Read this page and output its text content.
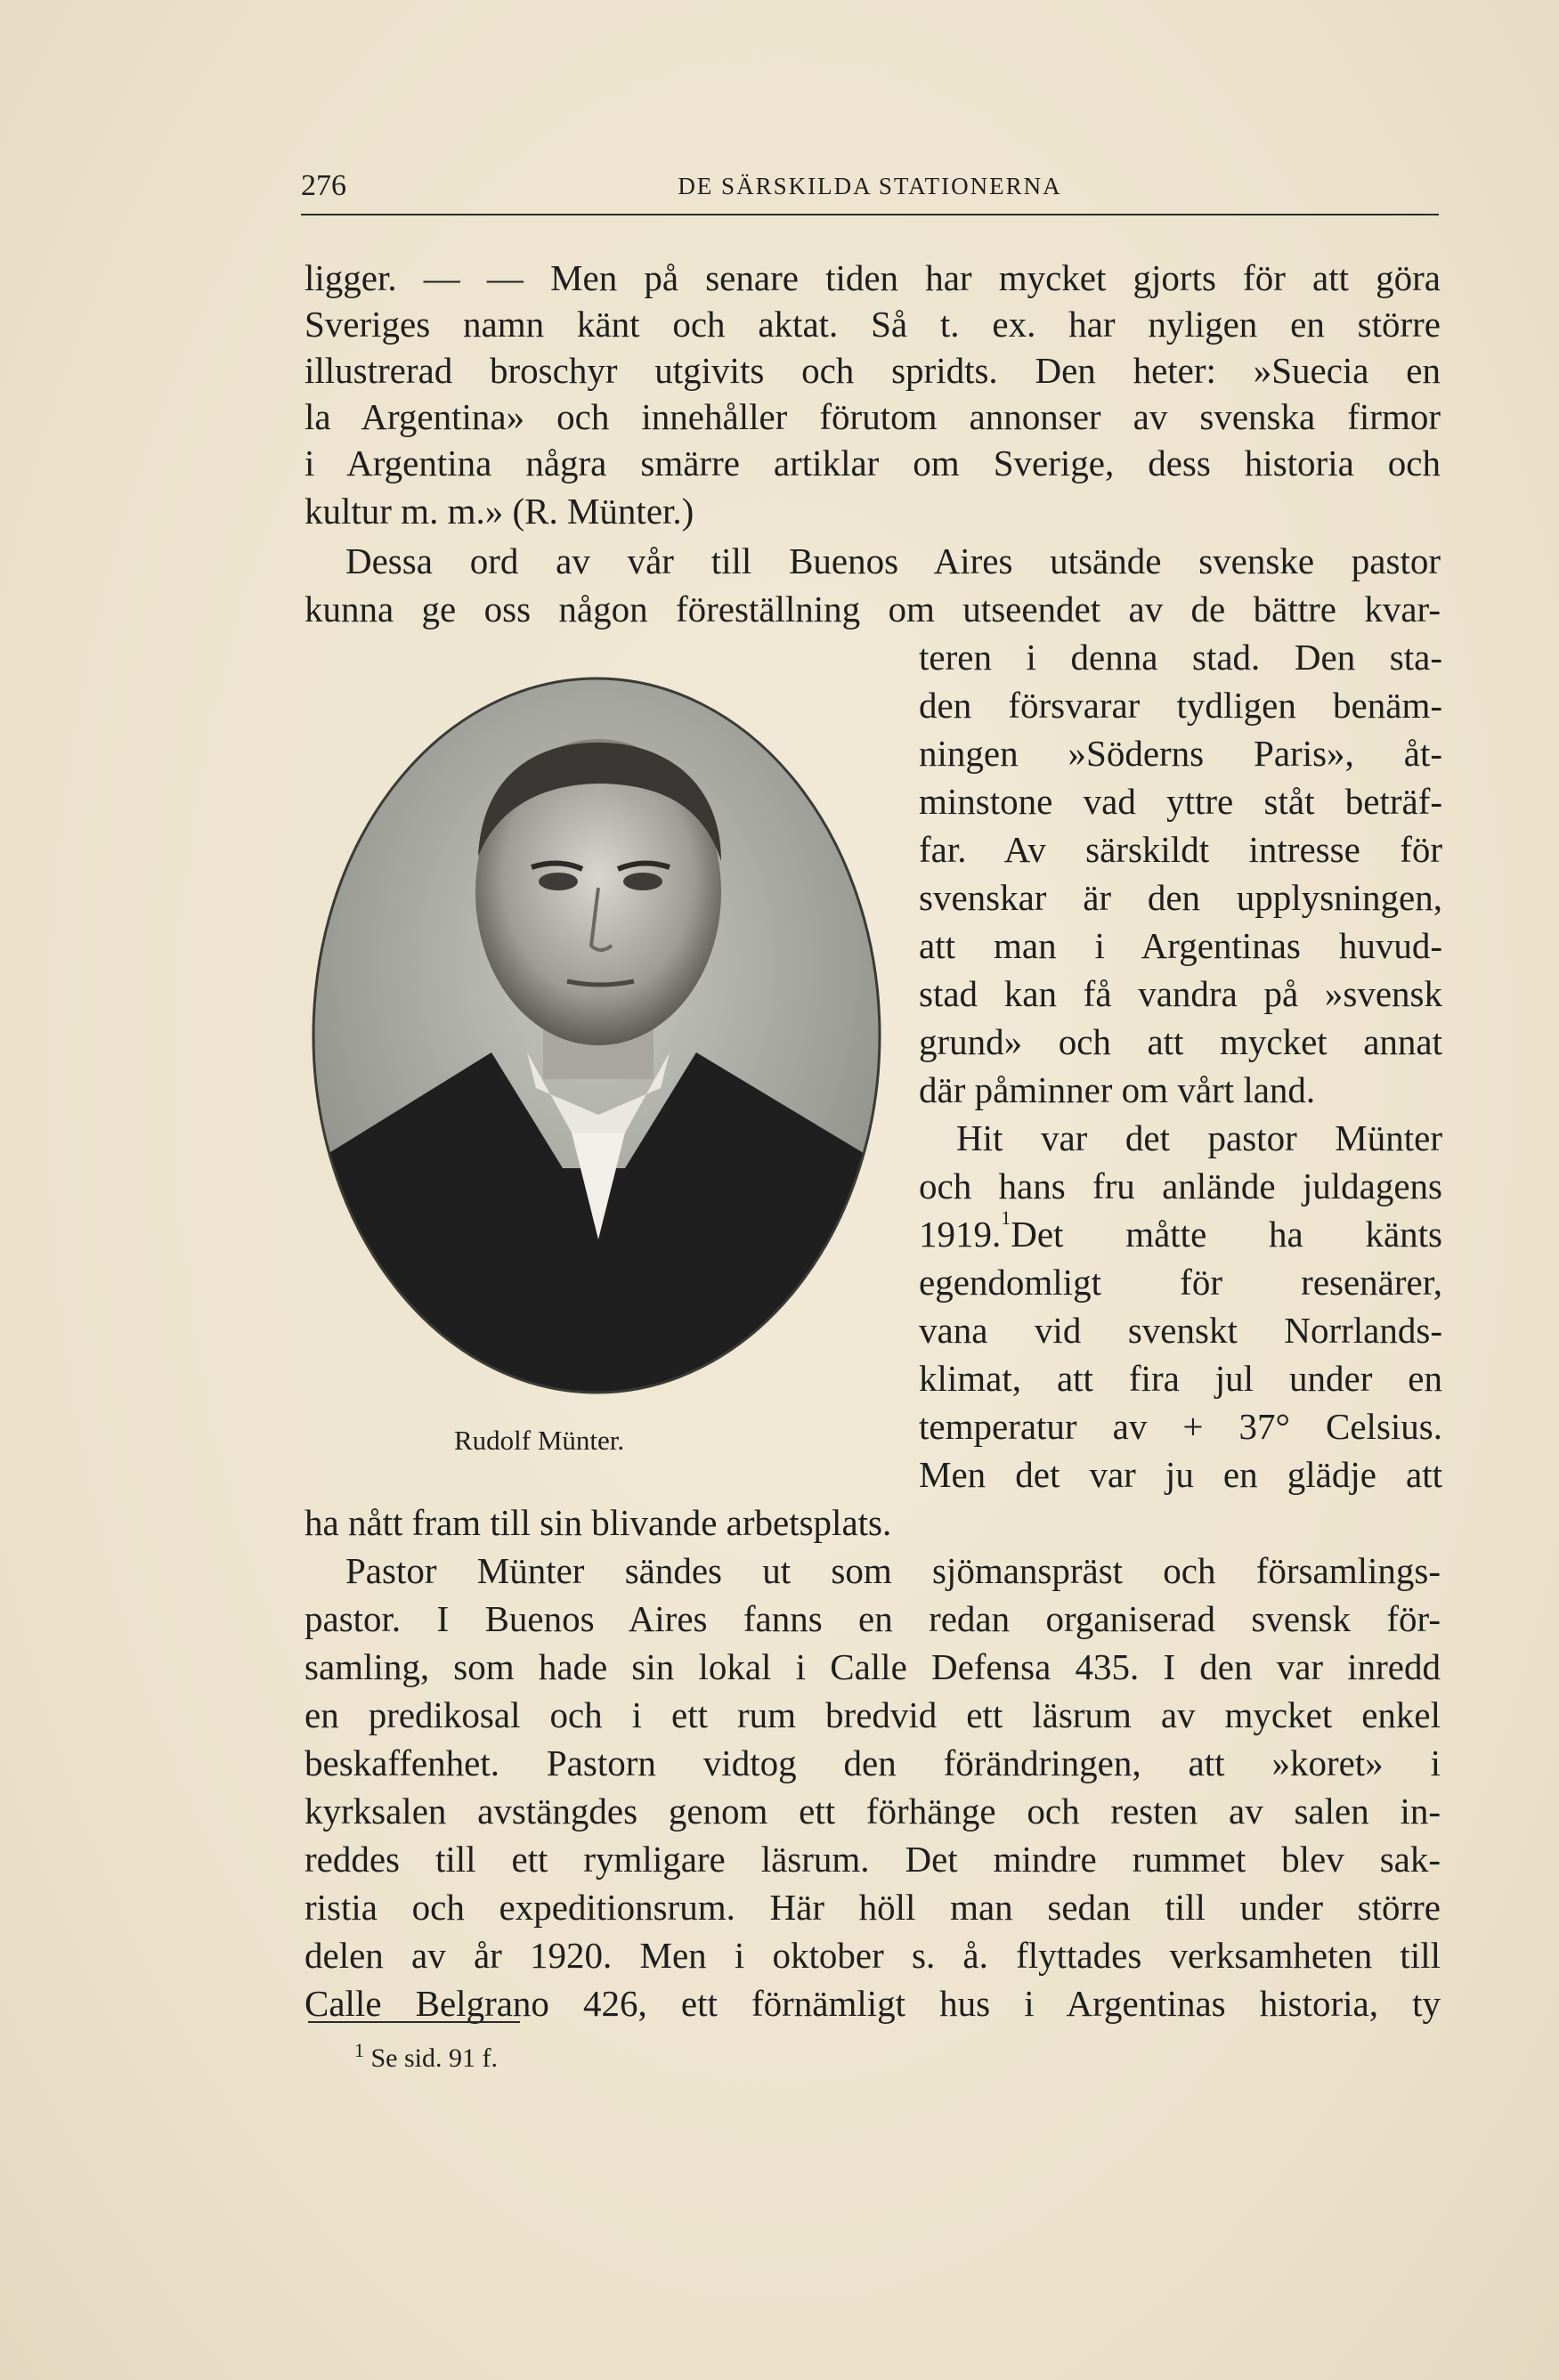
276	DE SÄRSKILDA STATIONERNA
ligger. — — Men på senare tiden har mycket gjorts för att göra
Sveriges namn känt och aktat. Så t. ex. har nyligen en större
illustrerad broschyr utgivits och spridts. Den heter: »Suecia en
la Argentina» och innehåller förutom annonser av svenska firmor
i Argentina några smärre artiklar om Sverige, dess historia och
kultur m. m.» (R. Münter.)
Dessa ord av vår till Buenos Aires utsände svenske pastor
kunna ge oss någon föreställning om utseendet av de bättre kvar-
teren i denna stad. Den sta-
den försvarar tydligen benäm-
ningen »Söderns Paris», åt-
minstone vad yttre ståt beträf-
far. Av särskildt intresse för
svenskar är den upplysningen,
att man i Argentinas huvud-
stad kan få vandra på »svensk
grund» och att mycket annat
där påminner om vårt land.
Hit var det pastor Münter
och hans fru anlände juldagens
1919.$^1$Det måtte ha känts
egendomligt för resenärer,
vana vid svenskt Norrlands-
klimat, att fira jul under en
temperatur av + 37° Celsius.
Men det var ju en glädje att
ha nått fram till sin blivande arbetsplats.
Pastor Münter sändes ut som sjömanspräst och församlings-
pastor. I Buenos Aires fanns en redan organiserad svensk för-
samling, som hade sin lokal i Calle Defensa 435. I den var inredd
en predikosal och i ett rum bredvid ett läsrum av mycket enkel
beskaffenhet. Pastorn vidtog den förändringen, att »koret» i
kyrksalen avstängdes genom ett förhänge och resten av salen in-
reddes till ett rymligare läsrum. Det mindre rummet blev sak-
ristia och expeditionsrum. Här höll man sedan till under större
delen av år 1920. Men i oktober s. å. flyttades verksamheten till
Calle Belgrano 426, ett förnämligt hus i Argentinas historia, ty
Rudolf Münter.
$^1$ Se sid. 91 f.
